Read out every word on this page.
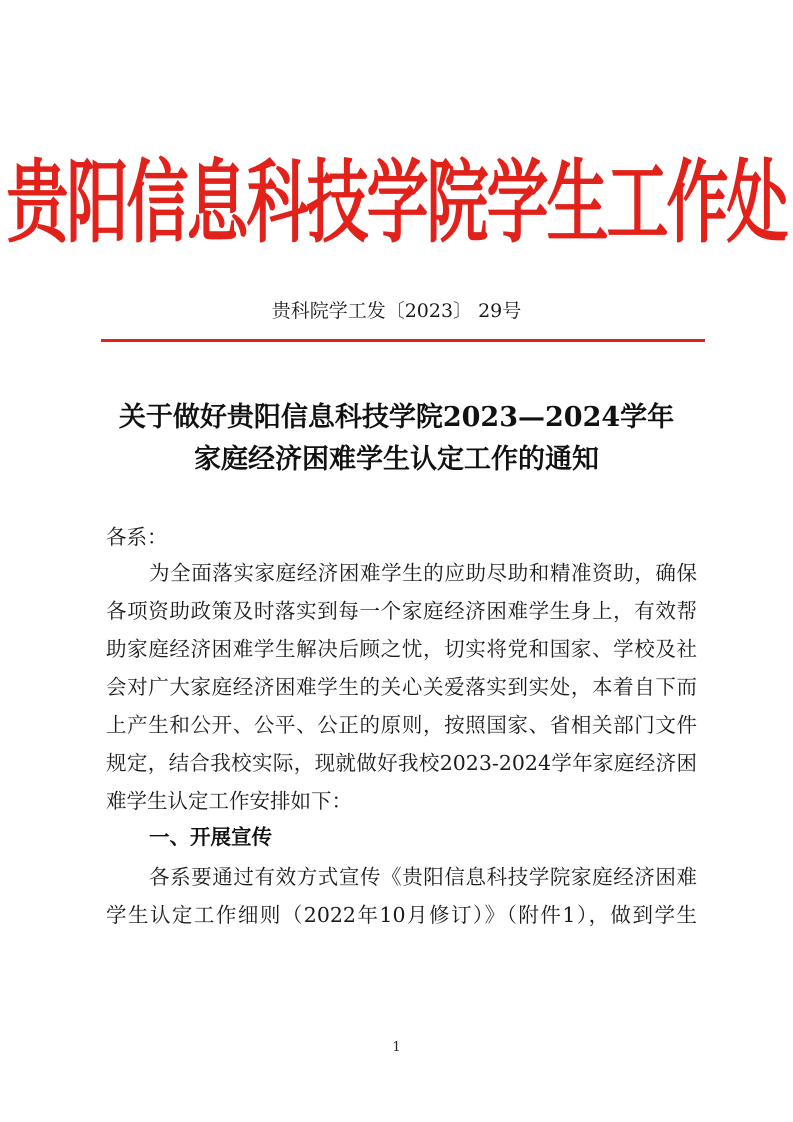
贵阳信息科技学院学生工作处
贵科院学工发〔2023〕 29号
关于做好贵阳信息科技学院2023—2024学年
家庭经济困难学生认定工作的通知
各系：
为全面落实家庭经济困难学生的应助尽助和精准资助，确保
各项资助政策及时落实到每一个家庭经济困难学生身上，有效帮
助家庭经济困难学生解决后顾之忧，切实将党和国家、学校及社
会对广大家庭经济困难学生的关心关爱落实到实处，本着自下而
上产生和公开、公平、公正的原则，按照国家、省相关部门文件
规定，结合我校实际，现就做好我校2023-2024学年家庭经济困
难学生认定工作安排如下：
一、开展宣传
各系要通过有效方式宣传《贵阳信息科技学院家庭经济困难
学生认定工作细则（2022年10月修订）》（附件1），做到学生
1
